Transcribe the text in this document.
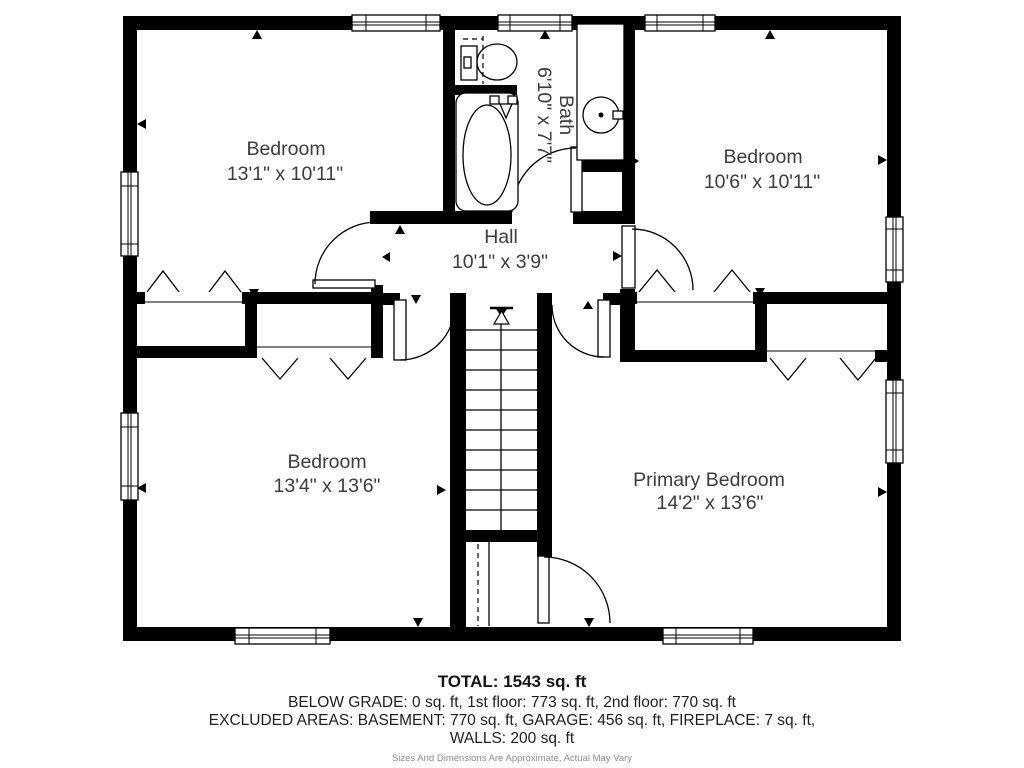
Bedroom
13'1" x 10'11"
Bedroom
10'6" x 10'11"
Bath
6'10" x 7'7"
Hall
10'1" x 3'9"
Bedroom
13'4" x 13'6"	Primary Bedroom
14'2" x 13'6"
TOTAL: 1543 sq. ft
BELOW GRADE: 0 sq. ft, 1st floor: 773 sq. ft, 2nd floor: 770 sq. ft
EXCLUDED AREAS: BASEMENT: 770 sq. ft, GARAGE: 456 sq. ft, FIREPLACE: 7 sq. ft,
WALLS: 200 sq. ft
Sizes And Dimensions Are Approximate, Actual May Vary
